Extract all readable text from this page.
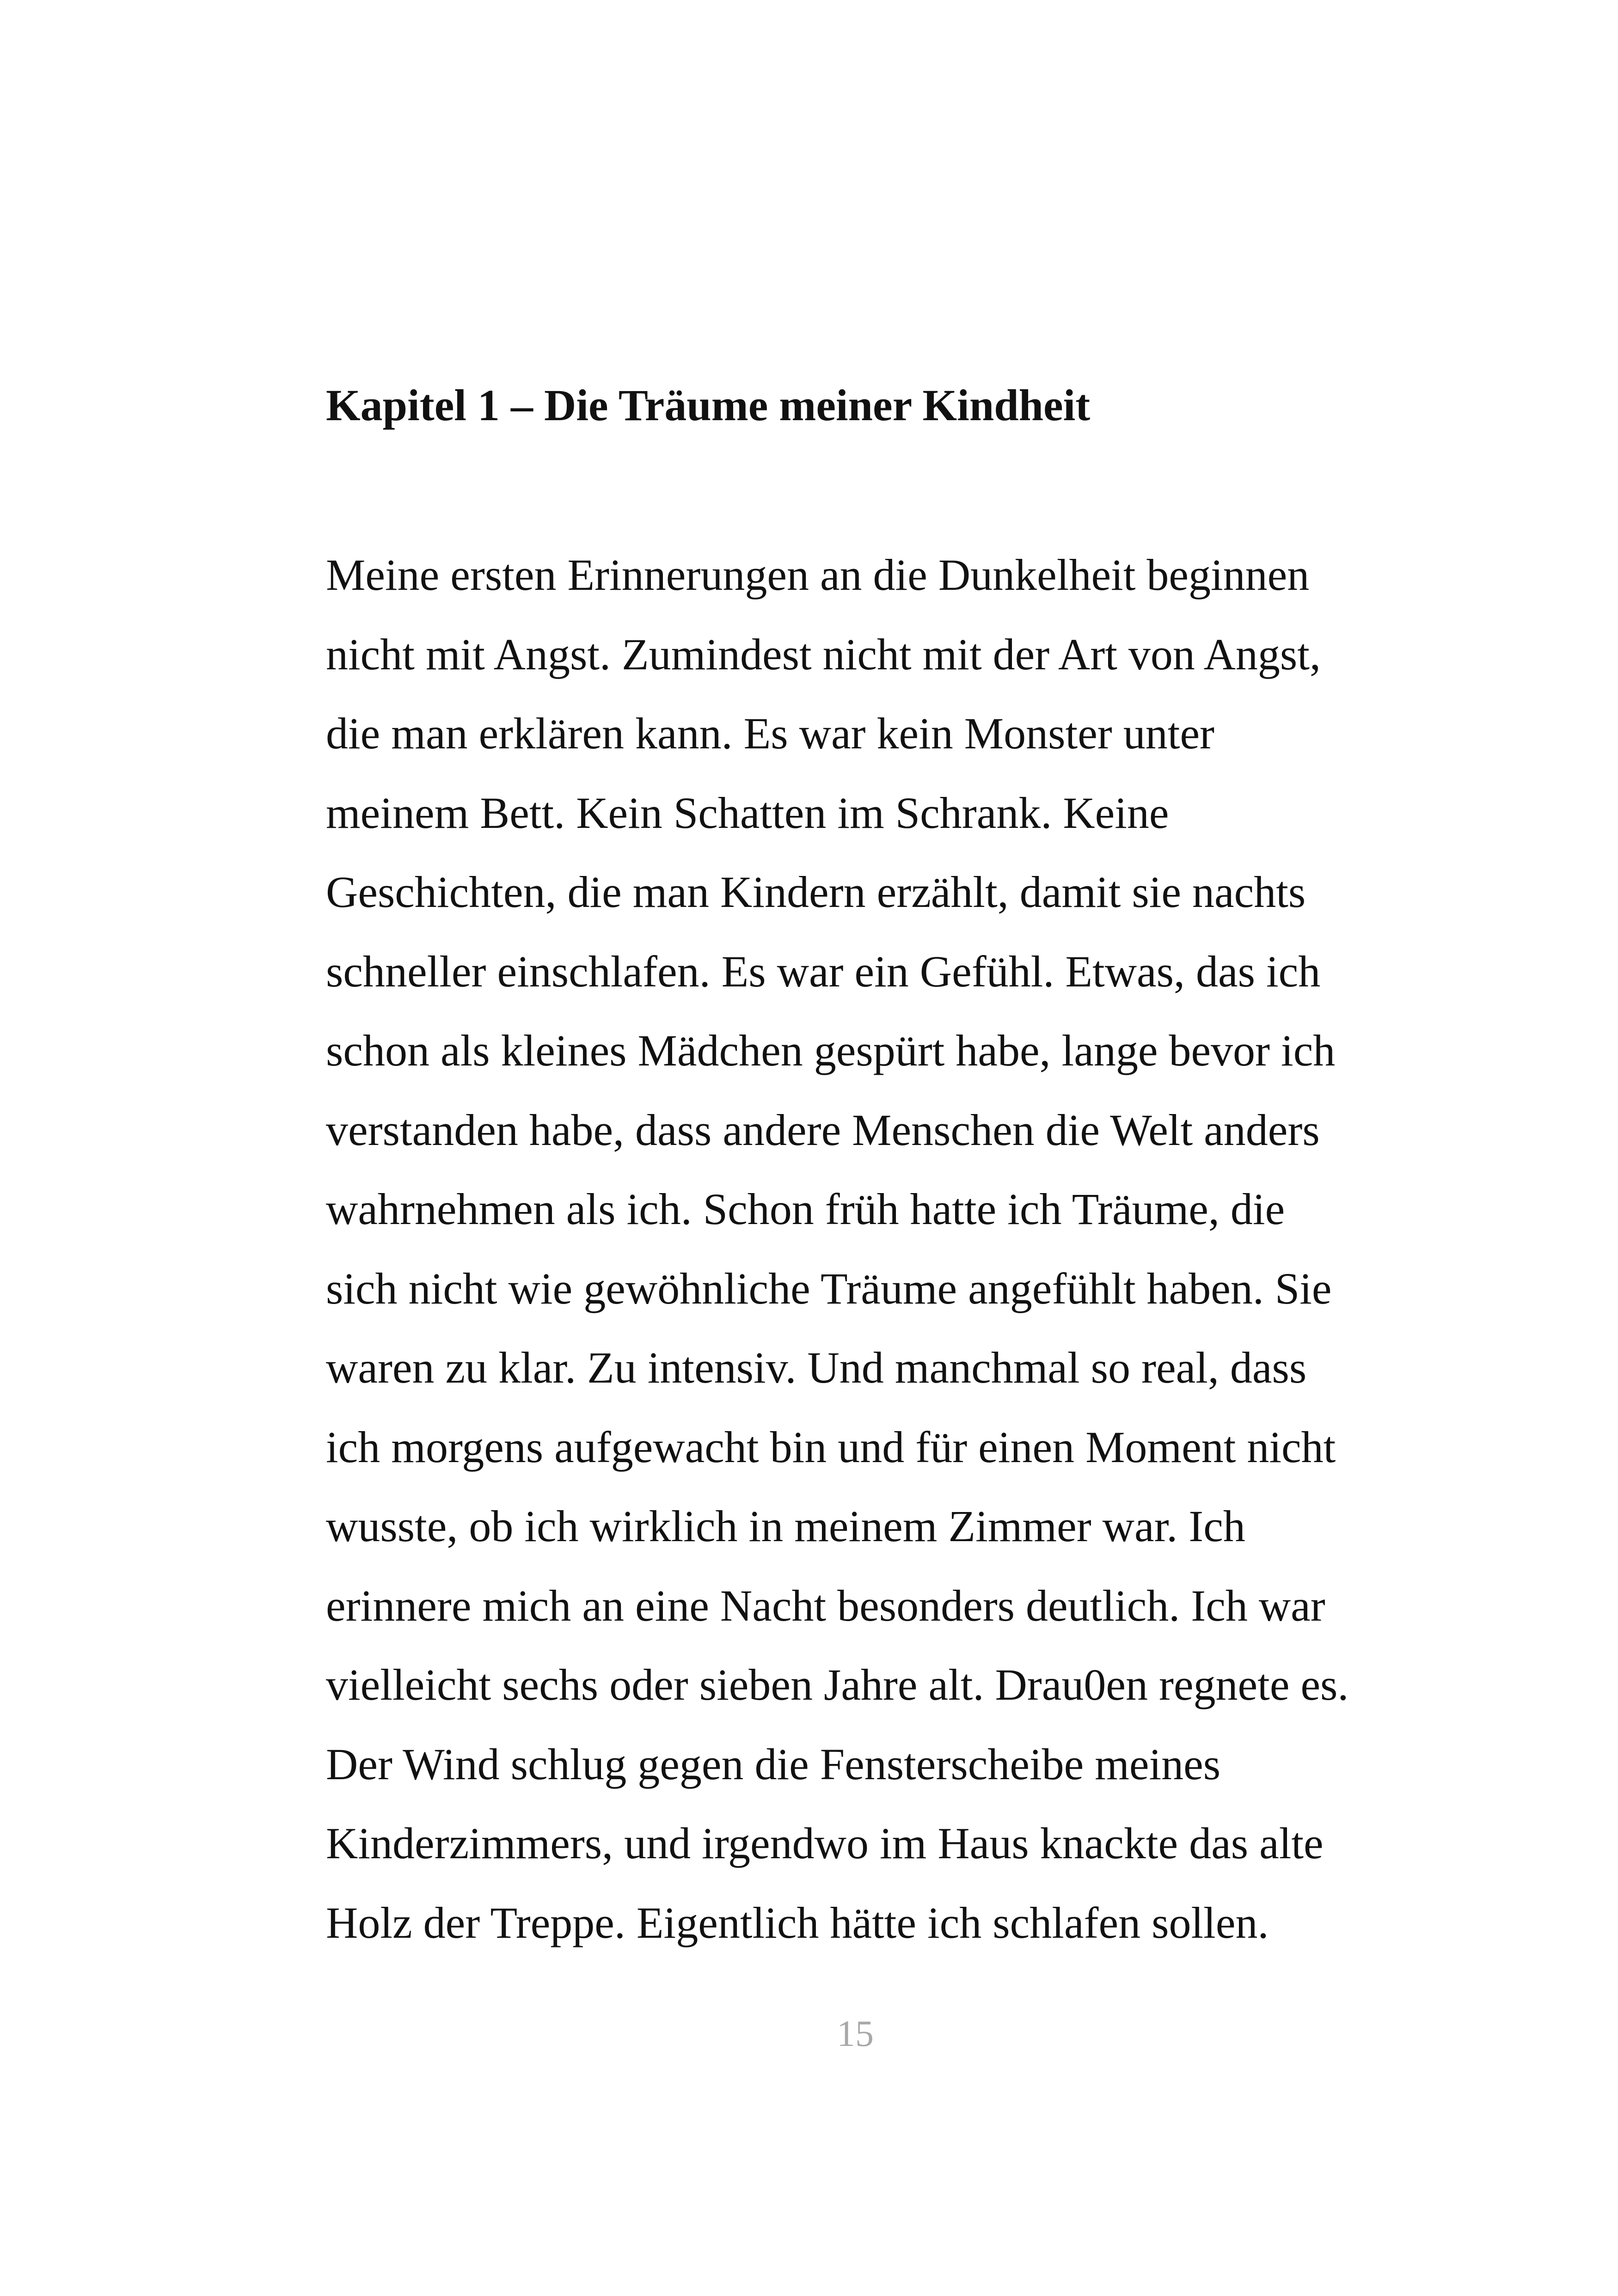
Kapitel 1 – Die Träume meiner Kindheit
Meine ersten Erinnerungen an die Dunkelheit beginnen
nicht mit Angst. Zumindest nicht mit der Art von Angst,
die man erklären kann. Es war kein Monster unter
meinem Bett. Kein Schatten im Schrank. Keine
Geschichten, die man Kindern erzählt, damit sie nachts
schneller einschlafen. Es war ein Gefühl. Etwas, das ich
schon als kleines Mädchen gespürt habe, lange bevor ich
verstanden habe, dass andere Menschen die Welt anders
wahrnehmen als ich. Schon früh hatte ich Träume, die
sich nicht wie gewöhnliche Träume angefühlt haben. Sie
waren zu klar. Zu intensiv. Und manchmal so real, dass
ich morgens aufgewacht bin und für einen Moment nicht
wusste, ob ich wirklich in meinem Zimmer war. Ich
erinnere mich an eine Nacht besonders deutlich. Ich war
vielleicht sechs oder sieben Jahre alt. Drau0en regnete es.
Der Wind schlug gegen die Fensterscheibe meines
Kinderzimmers, und irgendwo im Haus knackte das alte
Holz der Treppe. Eigentlich hätte ich schlafen sollen.
15
